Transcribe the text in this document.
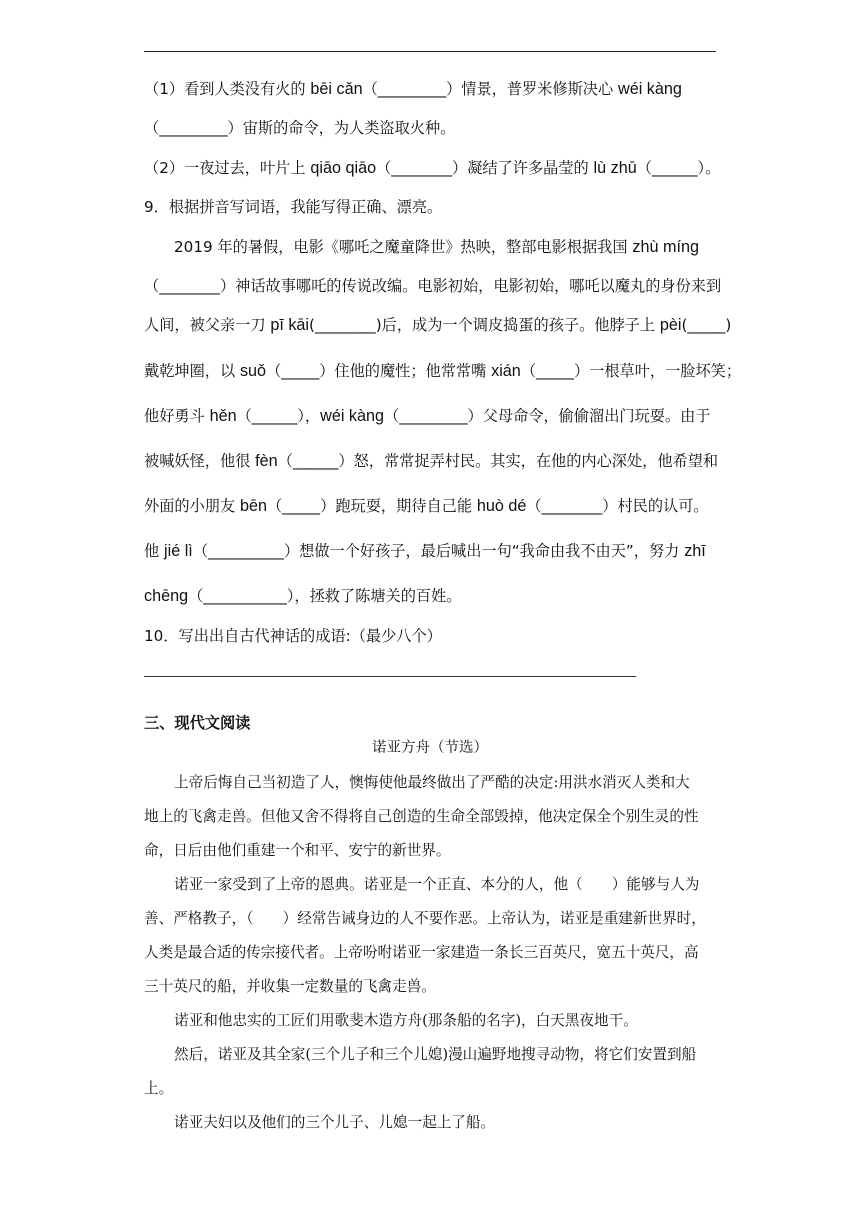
（1）看到人类没有火的 bēi cǎn（_________）情景，普罗米修斯决心 wéi kàng
（_________）宙斯的命令，为人类盗取火种。
（2）一夜过去，叶片上 qiāo qiāo（________）凝结了许多晶莹的 lù zhū（______）。
9．根据拼音写词语，我能写得正确、漂亮。
2019 年的暑假，电影《哪吒之魔童降世》热映，整部电影根据我国 zhù míng
（________）神话故事哪吒的传说改编。电影初始，电影初始，哪吒以魔丸的身份来到
人间，被父亲一刀 pī kāi(________)后，成为一个调皮捣蛋的孩子。他脖子上 pèi(_____)
戴乾坤圈，以 suǒ（_____）住他的魔性；他常常嘴 xián（_____）一根草叶，一脸坏笑；
他好勇斗 hěn（______），wéi kàng（_________）父母命令，偷偷溜出门玩耍。由于
被喊妖怪，他很 fèn（______）怒，常常捉弄村民。其实，在他的内心深处，他希望和
外面的小朋友 bēn（_____）跑玩耍，期待自己能 huò dé（________）村民的认可。
他 jié lì（__________）想做一个好孩子，最后喊出一句“我命由我不由天”，努力 zhī
chēng（___________），拯救了陈塘关的百姓。
10．写出出自古代神话的成语:（最少八个）
三、现代文阅读
诺亚方舟（节选）
上帝后悔自己当初造了人，懊悔使他最终做出了严酷的决定:用洪水消灭人类和大
地上的飞禽走兽。但他又舍不得将自己创造的生命全部毁掉，他决定保全个别生灵的性
命，日后由他们重建一个和平、安宁的新世界。
诺亚一家受到了上帝的恩典。诺亚是一个正直、本分的人，他（　　）能够与人为
善、严格教子，（　　）经常告诫身边的人不要作恶。上帝认为，诺亚是重建新世界时，
人类是最合适的传宗接代者。上帝吩咐诺亚一家建造一条长三百英尺，宽五十英尺，高
三十英尺的船，并收集一定数量的飞禽走兽。
诺亚和他忠实的工匠们用歌斐木造方舟(那条船的名字)，白天黑夜地干。
然后，诺亚及其全家(三个儿子和三个儿媳)漫山遍野地搜寻动物，将它们安置到船
上。
诺亚夫妇以及他们的三个儿子、儿媳一起上了船。
